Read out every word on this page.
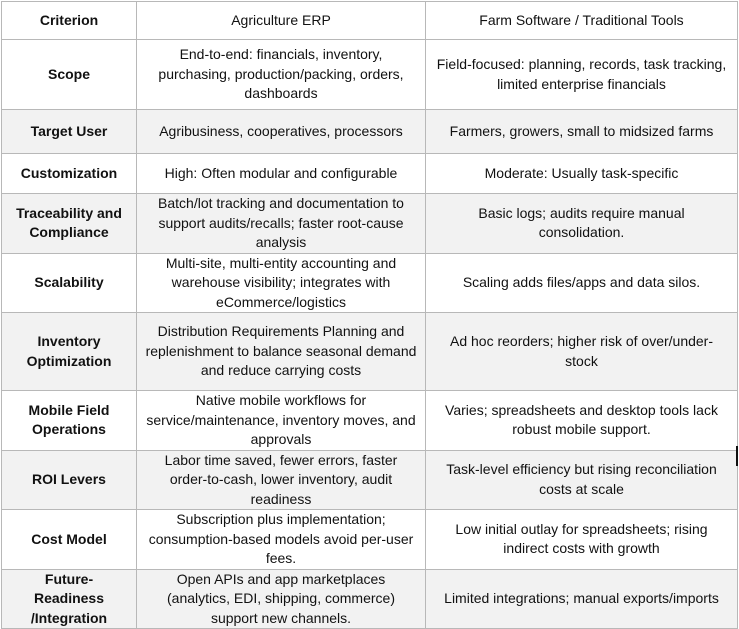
Criterion	Agriculture ERP	Farm Software / Traditional Tools
Scope	End-to-end: financials, inventory, purchasing, production/packing, orders, dashboards	Field-focused: planning, records, task tracking, limited enterprise financials
Target User	Agribusiness, cooperatives, processors	Farmers, growers, small to midsized farms
Customization	High: Often modular and configurable	Moderate: Usually task-specific
Traceability and Compliance	Batch/lot tracking and documentation to support audits/recalls; faster root-cause analysis	Basic logs; audits require manual consolidation.
Scalability	Multi-site, multi-entity accounting and warehouse visibility; integrates with eCommerce/logistics	Scaling adds files/apps and data silos.
Inventory Optimization	Distribution Requirements Planning and replenishment to balance seasonal demand and reduce carrying costs	Ad hoc reorders; higher risk of over/under-stock
Mobile Field Operations	Native mobile workflows for service/maintenance, inventory moves, and approvals	Varies; spreadsheets and desktop tools lack robust mobile support.
ROI Levers	Labor time saved, fewer errors, faster order-to-cash, lower inventory, audit readiness	Task-level efficiency but rising reconciliation costs at scale
Cost Model	Subscription plus implementation; consumption-based models avoid per-user fees.	Low initial outlay for spreadsheets; rising indirect costs with growth
Future-Readiness /Integration	Open APIs and app marketplaces (analytics, EDI, shipping, commerce) support new channels.	Limited integrations; manual exports/imports
